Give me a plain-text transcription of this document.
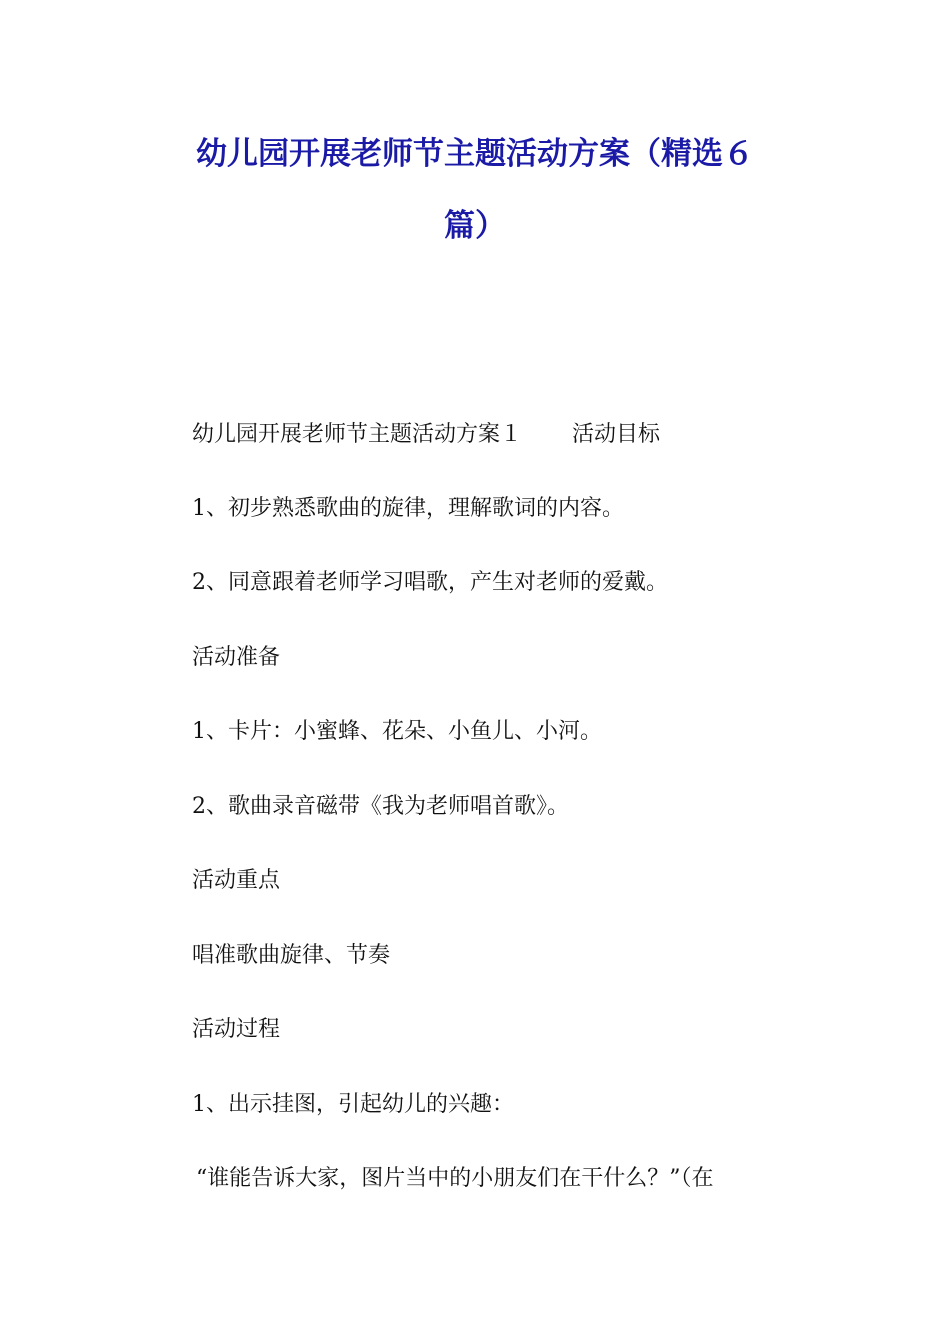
幼儿园开展老师节主题活动方案（精选６
篇）

幼儿园开展老师节主题活动方案１ 活动目标

1、初步熟悉歌曲的旋律，理解歌词的内容。

2、同意跟着老师学习唱歌，产生对老师的爱戴。

活动准备

1、卡片：小蜜蜂、花朵、小鱼儿、小河。

2、歌曲录音磁带《我为老师唱首歌》。

活动重点

唱准歌曲旋律、节奏

活动过程

1、出示挂图，引起幼儿的兴趣：

“谁能告诉大家，图片当中的小朋友们在干什么？”（在
